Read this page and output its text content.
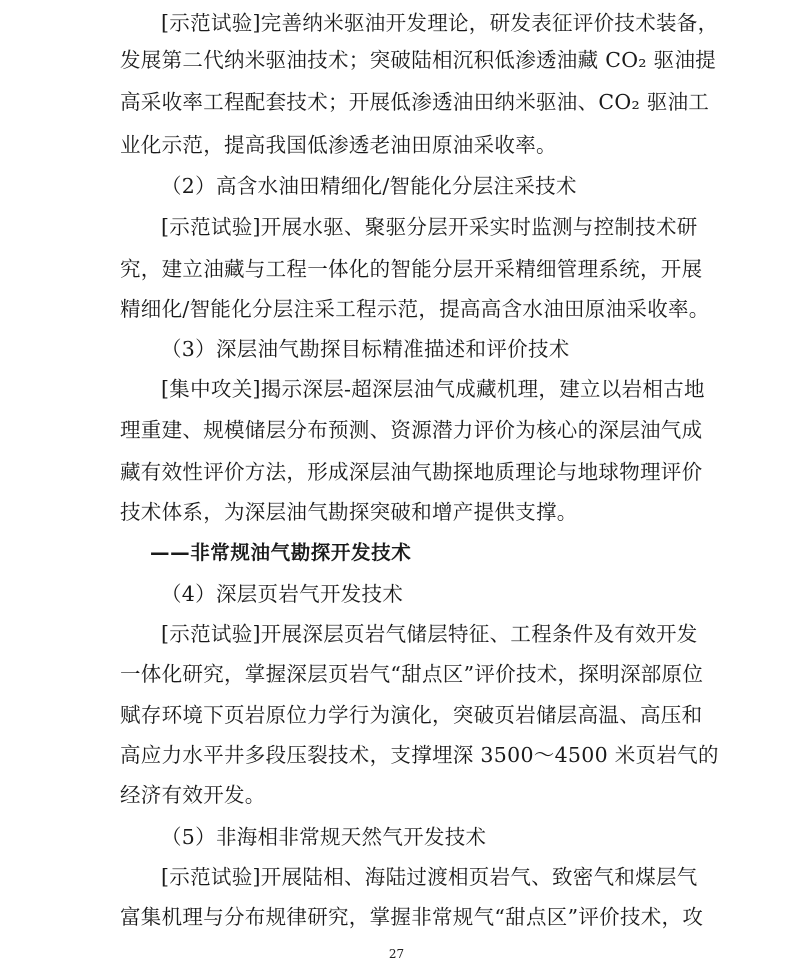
[示范试验]完善纳米驱油开发理论，研发表征评价技术装备，
发展第二代纳米驱油技术；突破陆相沉积低渗透油藏 CO₂ 驱油提
高采收率工程配套技术；开展低渗透油田纳米驱油、CO₂ 驱油工
业化示范，提高我国低渗透老油田原油采收率。
（2）高含水油田精细化/智能化分层注采技术
[示范试验]开展水驱、聚驱分层开采实时监测与控制技术研
究，建立油藏与工程一体化的智能分层开采精细管理系统，开展
精细化/智能化分层注采工程示范，提高高含水油田原油采收率。
（3）深层油气勘探目标精准描述和评价技术
[集中攻关]揭示深层-超深层油气成藏机理，建立以岩相古地
理重建、规模储层分布预测、资源潜力评价为核心的深层油气成
藏有效性评价方法，形成深层油气勘探地质理论与地球物理评价
技术体系，为深层油气勘探突破和增产提供支撑。
——非常规油气勘探开发技术
（4）深层页岩气开发技术
[示范试验]开展深层页岩气储层特征、工程条件及有效开发
一体化研究，掌握深层页岩气“甜点区”评价技术，探明深部原位
赋存环境下页岩原位力学行为演化，突破页岩储层高温、高压和
高应力水平井多段压裂技术，支撑埋深 3500～4500 米页岩气的
经济有效开发。
（5）非海相非常规天然气开发技术
[示范试验]开展陆相、海陆过渡相页岩气、致密气和煤层气
富集机理与分布规律研究，掌握非常规气“甜点区”评价技术，攻
27
